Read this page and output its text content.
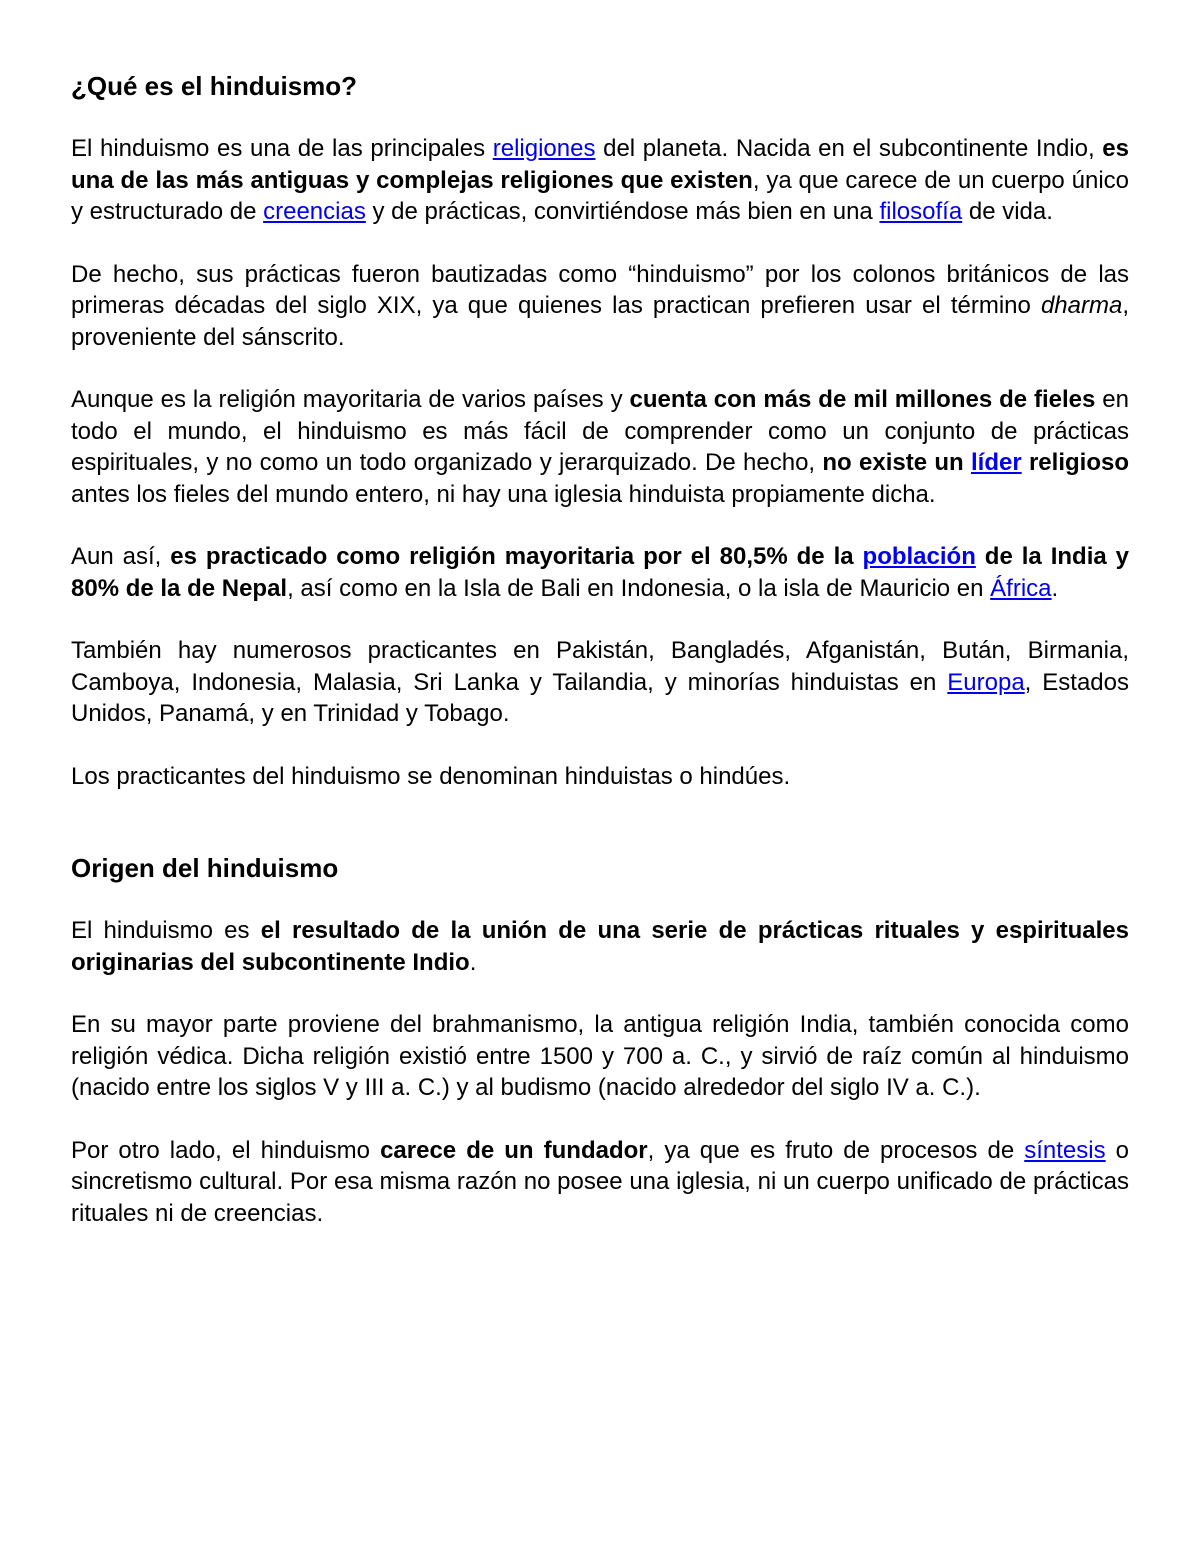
¿Qué es el hinduismo?

El hinduismo es una de las principales religiones del planeta. Nacida en el subcontinente Indio, es una de las más antiguas y complejas religiones que existen, ya que carece de un cuerpo único y estructurado de creencias y de prácticas, convirtiéndose más bien en una filosofía de vida.

De hecho, sus prácticas fueron bautizadas como “hinduismo” por los colonos británicos de las primeras décadas del siglo XIX, ya que quienes las practican prefieren usar el término dharma, proveniente del sánscrito.

Aunque es la religión mayoritaria de varios países y cuenta con más de mil millones de fieles en todo el mundo, el hinduismo es más fácil de comprender como un conjunto de prácticas espirituales, y no como un todo organizado y jerarquizado. De hecho, no existe un líder religioso antes los fieles del mundo entero, ni hay una iglesia hinduista propiamente dicha.

Aun así, es practicado como religión mayoritaria por el 80,5% de la población de la India y 80% de la de Nepal, así como en la Isla de Bali en Indonesia, o la isla de Mauricio en África.

También hay numerosos practicantes en Pakistán, Bangladés, Afganistán, Bután, Birmania, Camboya, Indonesia, Malasia, Sri Lanka y Tailandia, y minorías hinduistas en Europa, Estados Unidos, Panamá, y en Trinidad y Tobago.

Los practicantes del hinduismo se denominan hinduistas o hindúes.

Origen del hinduismo

El hinduismo es el resultado de la unión de una serie de prácticas rituales y espirituales originarias del subcontinente Indio.

En su mayor parte proviene del brahmanismo, la antigua religión India, también conocida como religión védica. Dicha religión existió entre 1500 y 700 a. C., y sirvió de raíz común al hinduismo (nacido entre los siglos V y III a. C.) y al budismo (nacido alrededor del siglo IV a. C.).

Por otro lado, el hinduismo carece de un fundador, ya que es fruto de procesos de síntesis o sincretismo cultural. Por esa misma razón no posee una iglesia, ni un cuerpo unificado de prácticas rituales ni de creencias.
